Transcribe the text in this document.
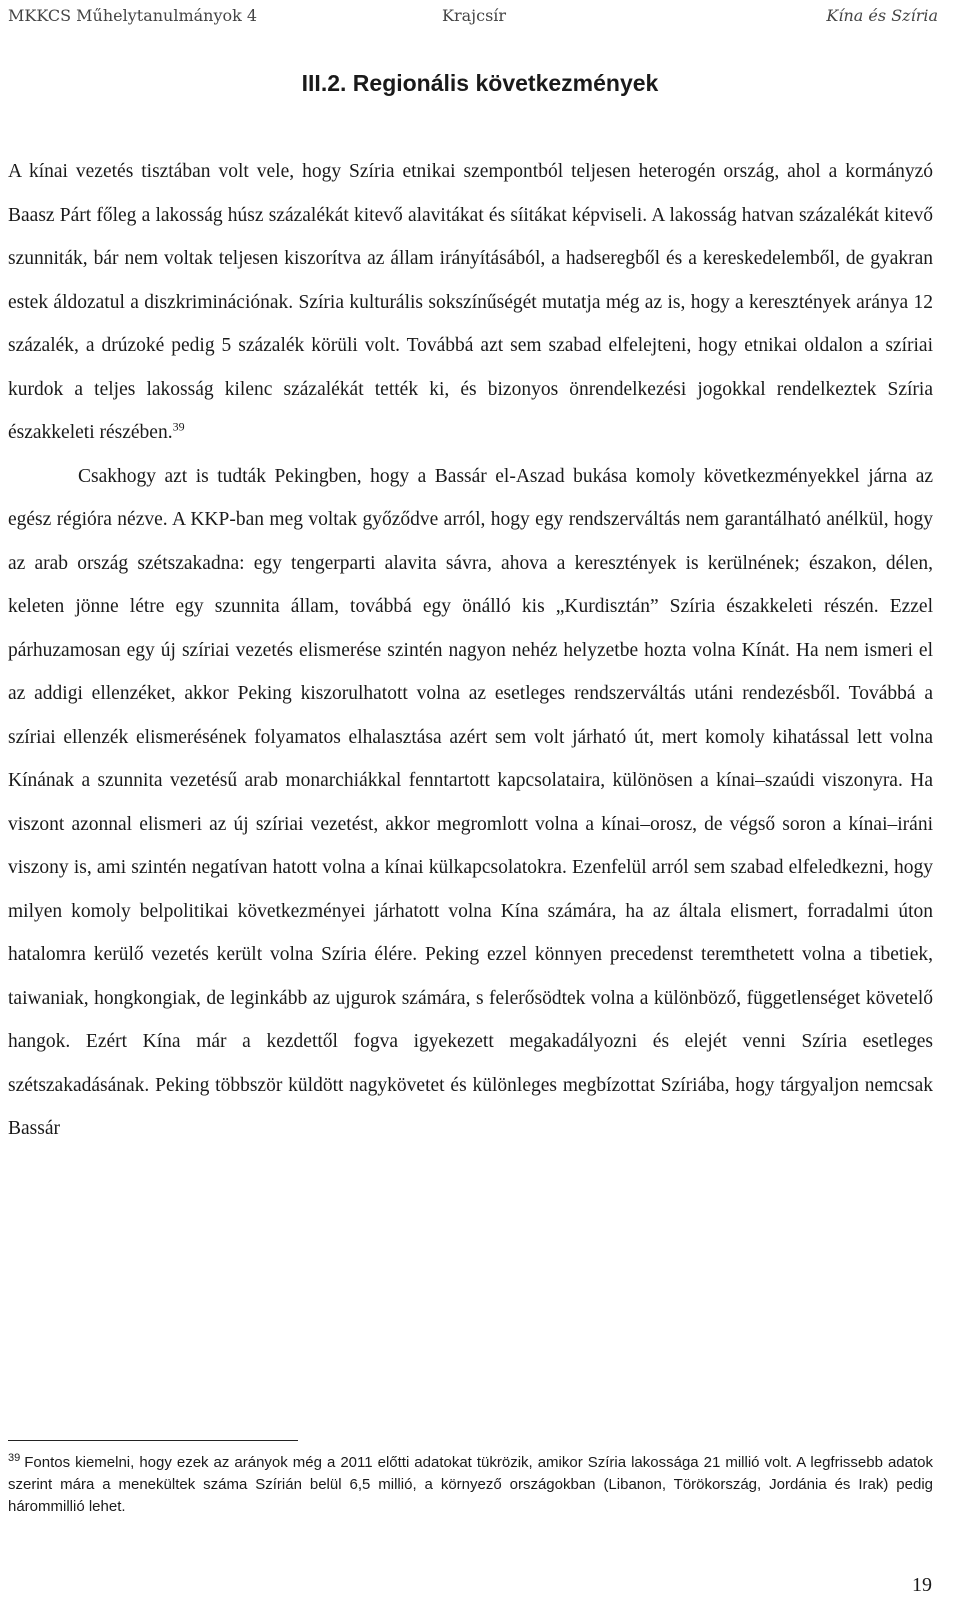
MKKCS Műhelytanulmányok 4	Krajcsír	Kína és Szíria
III.2. Regionális következmények

A kínai vezetés tisztában volt vele, hogy Szíria etnikai szempontból teljesen heterogén ország, ahol a kormányzó Baasz Párt főleg a lakosság húsz százalékát kitevő alavitákat és síitákat képviseli. A lakosság hatvan százalékát kitevő szunniták, bár nem voltak teljesen kiszorítva az állam irányításából, a hadseregből és a kereskedelemből, de gyakran estek áldozatul a diszkriminációnak. Szíria kulturális sokszínűségét mutatja még az is, hogy a keresztények aránya 12 százalék, a drúzoké pedig 5 százalék körüli volt. Továbbá azt sem szabad elfelejteni, hogy etnikai oldalon a szíriai kurdok a teljes lakosság kilenc százalékát tették ki, és bizonyos önrendelkezési jogokkal rendelkeztek Szíria északkeleti részében.$^{39}$

Csakhogy azt is tudták Pekingben, hogy a Bassár el-Aszad bukása komoly következményekkel járna az egész régióra nézve. A KKP-ban meg voltak győződve arról, hogy egy rendszerváltás nem garantálható anélkül, hogy az arab ország szétszakadna: egy tengerparti alavita sávra, ahova a keresztények is kerülnének; északon, délen, keleten jönne létre egy szunnita állam, továbbá egy önálló kis „Kurdisztán” Szíria északkeleti részén. Ezzel párhuzamosan egy új szíriai vezetés elismerése szintén nagyon nehéz helyzetbe hozta volna Kínát. Ha nem ismeri el az addigi ellenzéket, akkor Peking kiszorulhatott volna az esetleges rendszerváltás utáni rendezésből. Továbbá a szíriai ellenzék elismerésének folyamatos elhalasztása azért sem volt járható út, mert komoly kihatással lett volna Kínának a szunnita vezetésű arab monarchiákkal fenntartott kapcsolataira, különösen a kínai–szaúdi viszonyra. Ha viszont azonnal elismeri az új szíriai vezetést, akkor megromlott volna a kínai–orosz, de végső soron a kínai–iráni viszony is, ami szintén negatívan hatott volna a kínai külkapcsolatokra. Ezenfelül arról sem szabad elfeledkezni, hogy milyen komoly belpolitikai következményei járhatott volna Kína számára, ha az általa elismert, forradalmi úton hatalomra kerülő vezetés került volna Szíria élére. Peking ezzel könnyen precedenst teremthetett volna a tibetiek, taiwaniak, hongkongiak, de leginkább az ujgurok számára, s felerősödtek volna a különböző, függetlenséget követelő hangok. Ezért Kína már a kezdettől fogva igyekezett megakadályozni és elejét venni Szíria esetleges szétszakadásának. Peking többször küldött nagykövetet és különleges megbízottat Szíriába, hogy tárgyaljon nemcsak Bassár

$^{39}$ Fontos kiemelni, hogy ezek az arányok még a 2011 előtti adatokat tükrözik, amikor Szíria lakossága 21 millió volt. A legfrissebb adatok szerint mára a menekültek száma Szírián belül 6,5 millió, a környező országokban (Libanon, Törökország, Jordánia és Irak) pedig hárommillió lehet.
19
